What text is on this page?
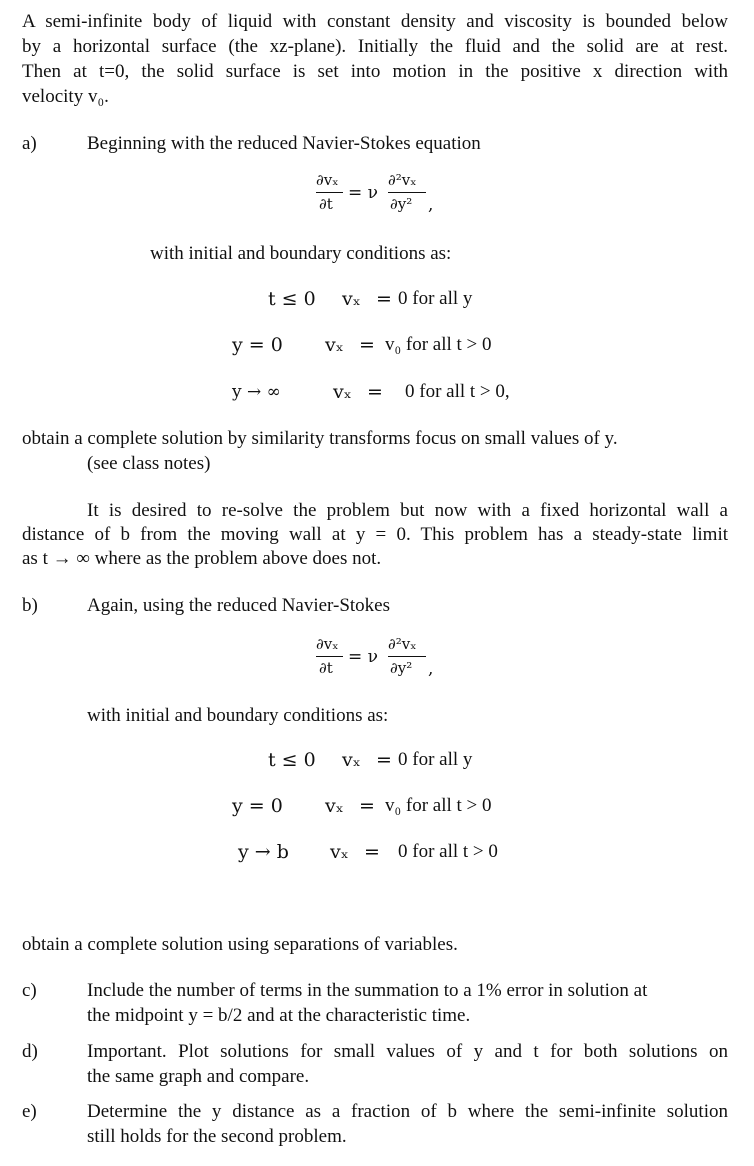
A semi-infinite body of liquid with constant density and viscosity is bounded below
by a horizontal surface (the xz-plane). Initially the fluid and the solid are at rest.
Then at t=0, the solid surface is set into motion in the positive x direction with
velocity v₀.
a)	Beginning with the reduced Navier-Stokes equation
∂vₓ
∂t
= ν
∂²vₓ
∂y² ,
with initial and boundary conditions as:
t ≤ 0 vₓ = 0 for all y
y = 0 vₓ = v₀ for all t > 0
y → ∞	vₓ = 0 for all t > 0,
obtain a complete solution by similarity transforms focus on small values of y.
(see class notes)
It is desired to re-solve the problem but now with a fixed horizontal wall a
distance of b from the moving wall at y = 0. This problem has a steady-state limit
as t → ∞ where as the problem above does not.
b)	Again, using the reduced Navier-Stokes
∂vₓ
∂t
= ν
∂²vₓ
∂y² ,
with initial and boundary conditions as:
t ≤ 0 vₓ = 0 for all y
y = 0 vₓ = v₀ for all t > 0
y → b vₓ = 0 for all t > 0
obtain a complete solution using separations of variables.
c)	Include the number of terms in the summation to a 1% error in solution at
the midpoint y = b/2 and at the characteristic time.
d)	Important. Plot solutions for small values of y and t for both solutions on
the same graph and compare.
e)	Determine the y distance as a fraction of b where the semi-infinite solution
still holds for the second problem.
